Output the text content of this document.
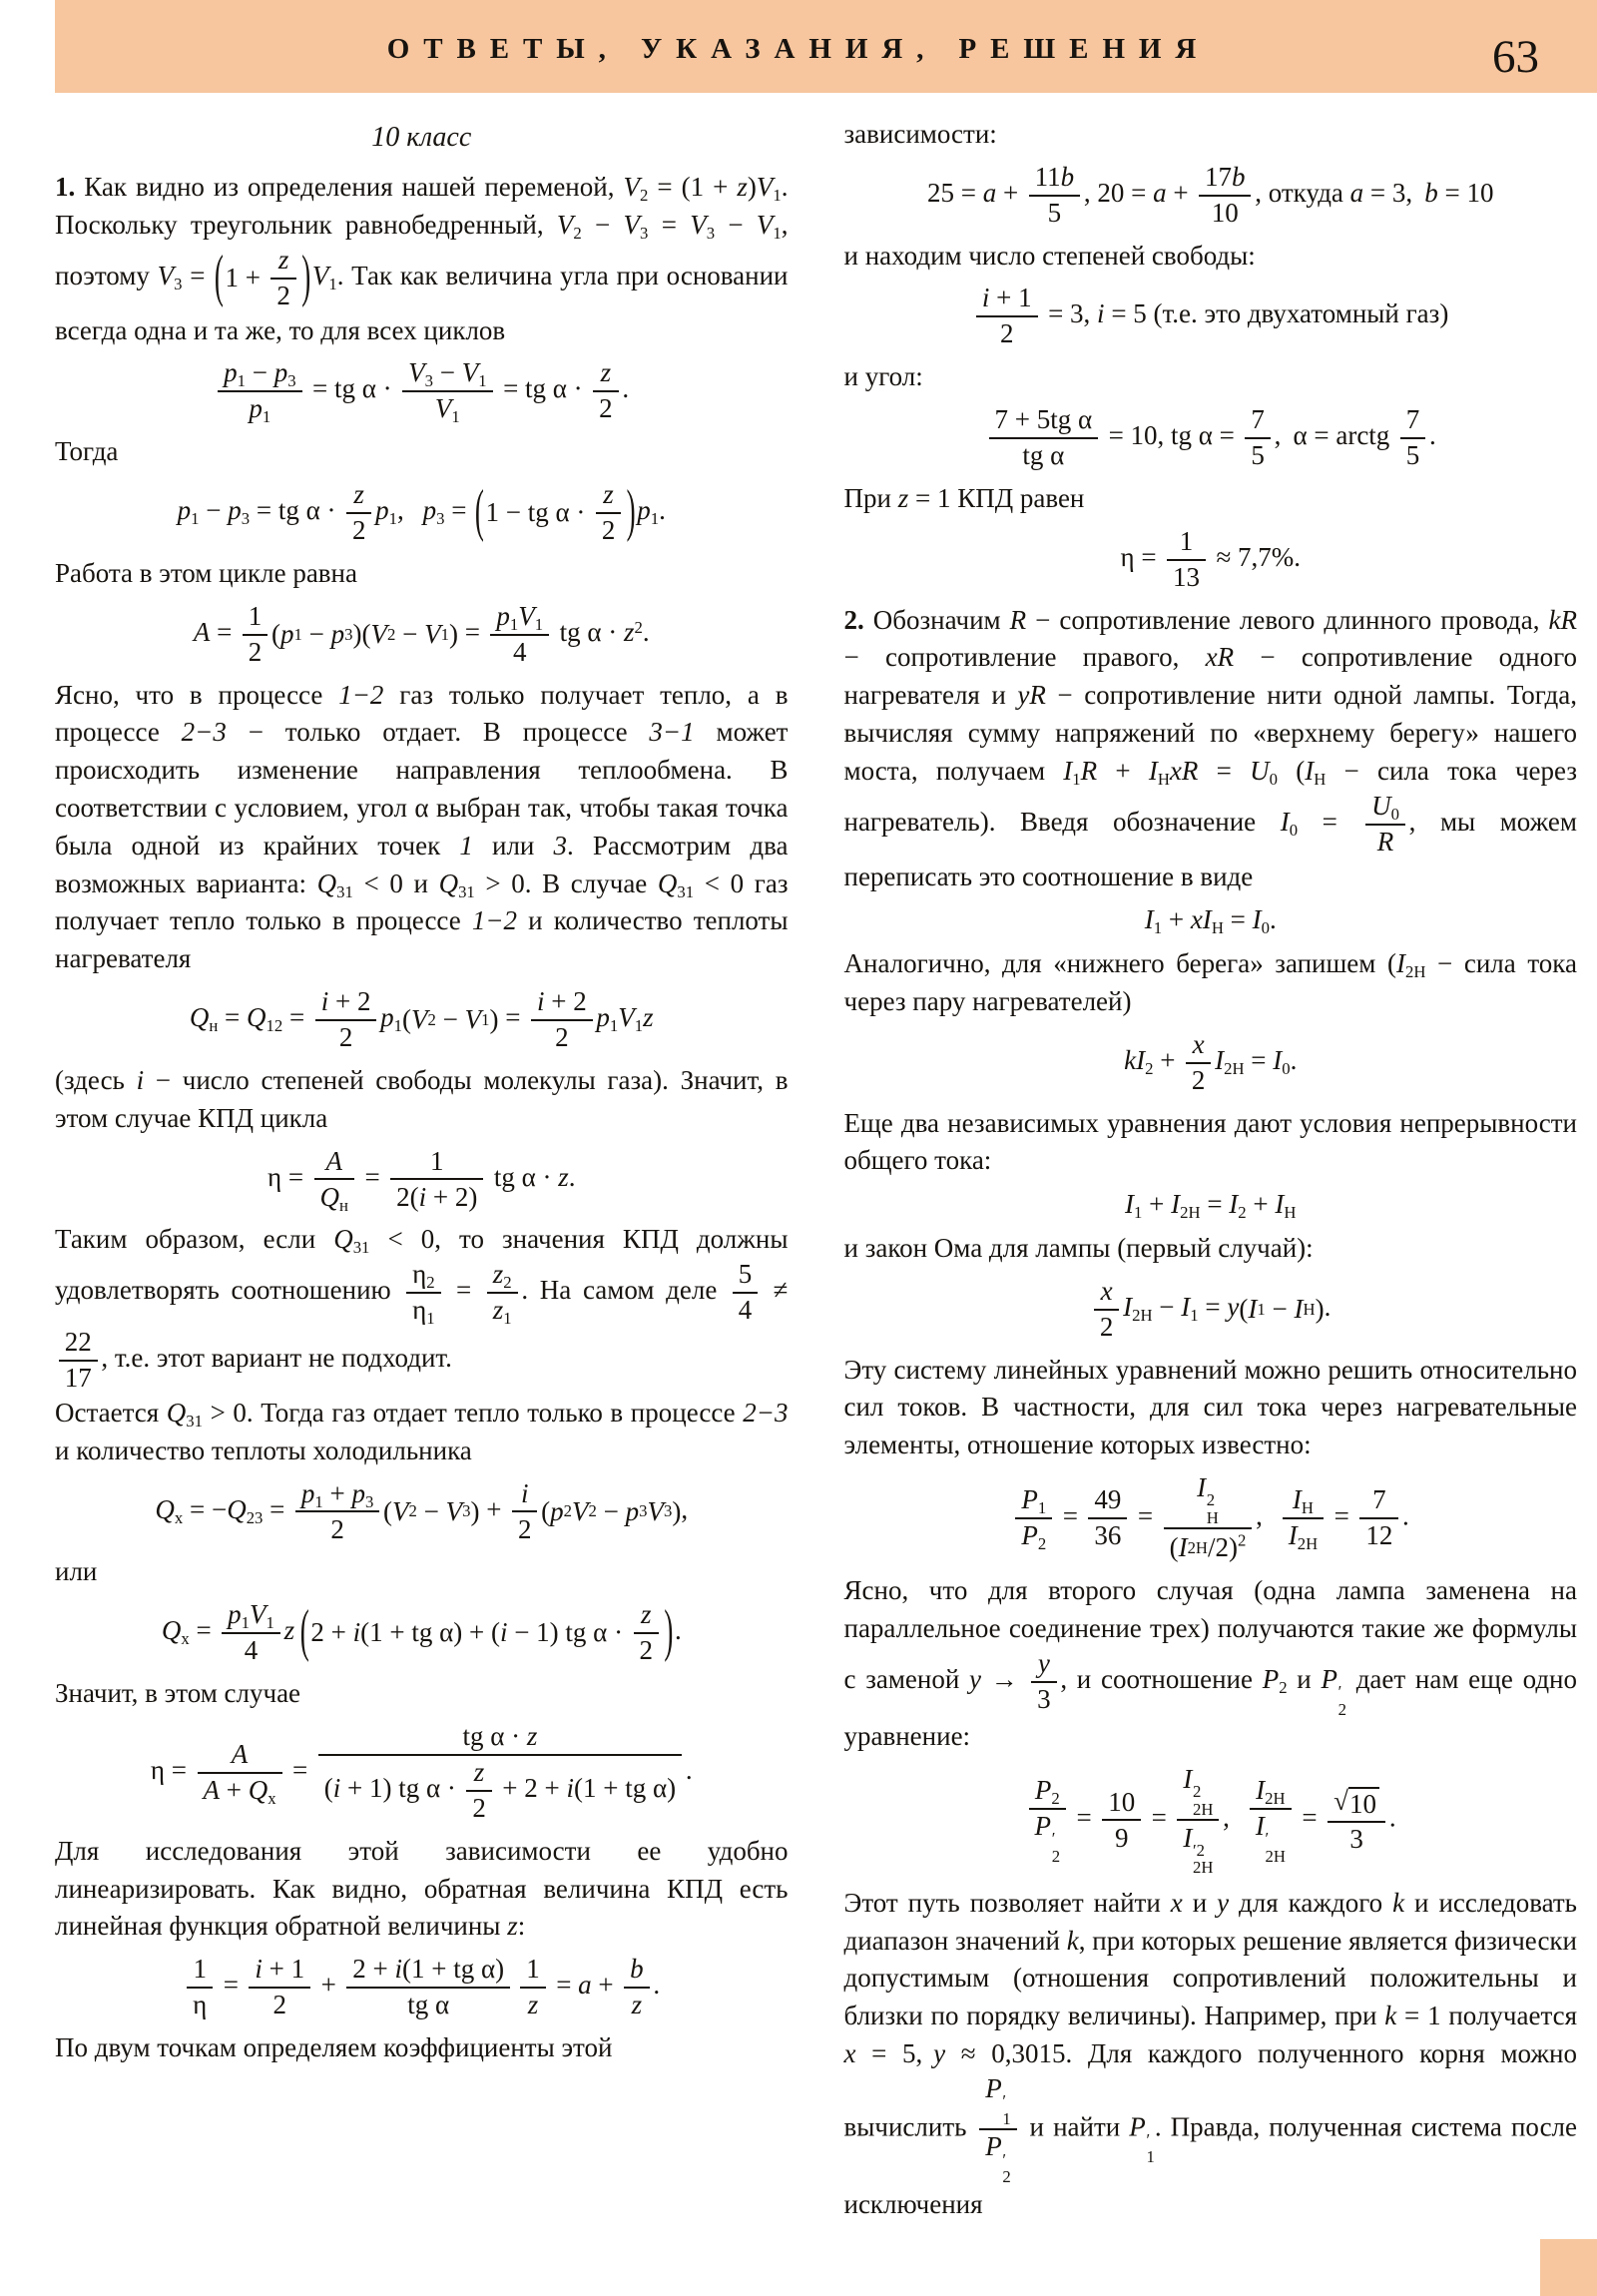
ОТВЕТЫ, УКАЗАНИЯ, РЕШЕНИЯ	63
10 класс
1. Как видно из определения нашей переменой, $V_2 = (1 + z)V_1$. Поскольку треугольник равнобедренный, $V_2 - V_3 = V_3 - V_1$, поэтому $V_3$ = ( $1 + \frac{z}{2}$ ) $V_1$. Так как величина угла при основании всегда одна и та же, то для всех циклов
$\frac{p_1 - p_3}{p_1}$ = tg $\alpha \cdot \frac{V_3 - V_1}{V_1}$ = tg $\alpha \cdot \frac{z}{2}$ .
Тогда
$p_1 - p_3$ = tg $\alpha \cdot \frac{z}{2} p_1$, $p_3$ = ( 1 − tg $\alpha \cdot \frac{z}{2}$ ) $p_1$.
Работа в этом цикле равна
$A = \frac{1}{2}$ ( p 1 − p 3 ) ( V 2 − V 1 ) = $\frac{p_1V_1}{4}$ tg $\alpha \cdot z^2$.
Ясно, что в процессе 1−2 газ только получает тепло, а в процессе 2−3 − только отдает. В процессе 3−1 может происходить изменение направления теплообмена. В соответствии с условием, угол α выбран так, чтобы такая точка была одной из крайних точек 1 или 3. Рассмотрим два возможных варианта: $Q_{31} < 0$ и $Q_{31} > 0$. В случае $Q_{31} < 0$ газ получает тепло только в процессе 1−2 и количество теплоты нагревателя
$Q_н = Q_{12} = \frac{i + 2}{2} p_1$ ( V 2 − V 1 ) = $\frac{i + 2}{2} p_1V_1z$
(здесь i − число степеней свободы молекулы газа). Значит, в этом случае КПД цикла
$\eta = \frac{A}{Q_н} = \frac{1}{2(i + 2)}$ tg α · z.
Таким образом, если $Q_{31} < 0$, то значения КПД должны удовлетворять соотношению $\frac{\eta_2}{\eta_1} = \frac{z_2}{z_1}$ . На самом деле $\frac{5}{4}$ ≠
$\frac{22}{17}$ , т.е. этот вариант не подходит.
Остается $Q_{31} > 0$. Тогда газ отдает тепло только в процессе 2−3 и количество теплоты холодильника
$Q_х = -Q_{23} = \frac{p_1 + p_3}{2}$ ( V 2 − V 3 ) + $\frac{i}{2}$ ( p 2 V 2 − p 3 V 3 ) ,
или
$Q_х = \frac{p_1V_1}{4}$ z ( 2 + i (1 + tg α) + ( i − 1) tg $\alpha \cdot \frac{z}{2}$ ) .
Значит, в этом случае
$\eta = \frac{A}{A + Q_х} = \frac{\text{tg α · z}}{(i + 1) tg \alpha \cdot \frac{z}{2} + 2 + i(1 + tg \alpha)}$ .
Для исследования этой зависимости ее удобно линеаризировать. Как видно, обратная величина КПД есть линейная функция обратной величины z:
$\frac{1}{\eta} = \frac{i + 1}{2} + \frac{\text{2 + i(1 + tg α)}}{\text{tg α}} \frac{1}{z} = a + \frac{b}{z}$ .
По двум точкам определяем коэффициенты этой
зависимости:
$25 = a + \frac{11b}{5}$ , $20 = a + \frac{17b}{10}$ , откуда a = 3, b = 10
и находим число степеней свободы:
$\frac{i + 1}{2} = 3$, i = 5 (т.е. это двухатомный газ)
и угол:
$\frac{\text{7 + 5tg α}}{\text{tg α}} = 10$, tg $\alpha = \frac{7}{5}$ , α = arctg $\frac{7}{5}$ .
При z = 1 КПД равен
$\eta = \frac{1}{13} \approx 7,7\%$.
2. Обозначим R − сопротивление левого длинного провода, kR − сопротивление правого, xR − сопротивление одного нагревателя и yR − сопротивление нити одной лампы. Тогда, вычисляя сумму напряжений по «верхнему берегу» нашего моста, получаем $I_1R + I_НxR = U_0$ ($I_Н$ − сила тока через нагреватель). Введя обозначение $I_0 = \frac{U_0}{R}$ , мы можем переписать это соотношение в виде
$I_1 + xI_Н = I_0$.
Аналогично, для «нижнего берега» запишем ($I_{2Н}$ − сила тока через пару нагревателей)
$kI_2 + \frac{x}{2} I_{2Н} = I_0$.
Еще два независимых уравнения дают условия непрерывности общего тока:
$I_1 + I_{2Н} = I_2 + I_Н$
и закон Ома для лампы (первый случай):
$\frac{x}{2} I_{2Н} - I_1 = y$ ( I 1 − I Н ) .
Эту систему линейных уравнений можно решить относительно сил токов. В частности, для сил тока через нагревательные элементы, отношение которых известно:
$\frac{P_1}{P_2} = \frac{49}{36} = I$ 2
Н
( I 2Н /2 ) $^2$ , $\frac{I_Н}{I_{2Н}} = \frac{7}{12}$ .
Ясно, что для второго случая (одна лампа заменена на параллельное соединение трех) получаются такие же формулы с заменой $y \to \frac{y}{3}$ , и соотношение $P_2$ и P ′
2
дает нам еще одно уравнение:
$P_2$
P ′
$2 = \frac{10}{9} = I$ 2
2Н
I ′2
2Н , $I_{2Н}$
I ′
$2Н = \frac{√ 10}{3}$ .
Этот путь позволяет найти x и y для каждого k и исследовать диапазон значений k, при которых решение является физически допустимым (отношения сопротивлений положительны и близки по порядку величины). Например, при k = 1 получается x = 5, y ≈ 0,3015. Для каждого полученного корня можно вычислить P ′
1
P ′
2 и найти P ′
1
. Правда, полученная система после исключения
